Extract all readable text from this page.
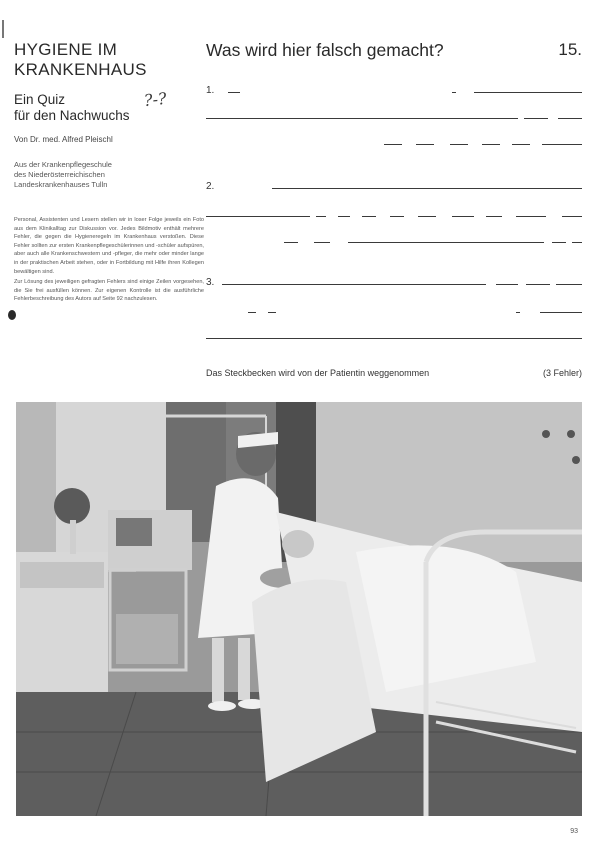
HYGIENE IM
KRANKENHAUS

Ein Quiz
für den Nachwuchs

?-?
Von Dr. med. Alfred Pleischl
Aus der Krankenpflegeschule
des Niederösterreichischen
Landeskrankenhauses Tulln

Personal, Assistenten und Lesern stellen wir in loser Folge jeweils ein Foto aus dem Klinikalltag zur Diskussion vor. Jedes Bildmotiv enthält mehrere Fehler, die gegen die Hygieneregeln im Krankenhaus verstoßen. Diese Fehler sollten zur ersten Krankenpflegeschülerinnen und -schüler aufspüren, aber auch alle Krankenschwestern und -pfleger, die mehr oder minder lange in der praktischen Arbeit stehen, oder in Fortbildung mit Hilfe ihren Kollegen bewältigen sind.

Zur Lösung des jeweiligen gefragten Fehlers sind einige Zeilen vorgesehen, die Sie frei ausfüllen können. Zur eigenen Kontrolle ist die ausführliche Fehlerbeschreibung des Autors auf Seite 92 nachzulesen.

Was wird hier falsch gemacht?	15.
1.
2.
3.
Das Steckbecken wird von der Patientin weggenommen	(3 Fehler)
93
